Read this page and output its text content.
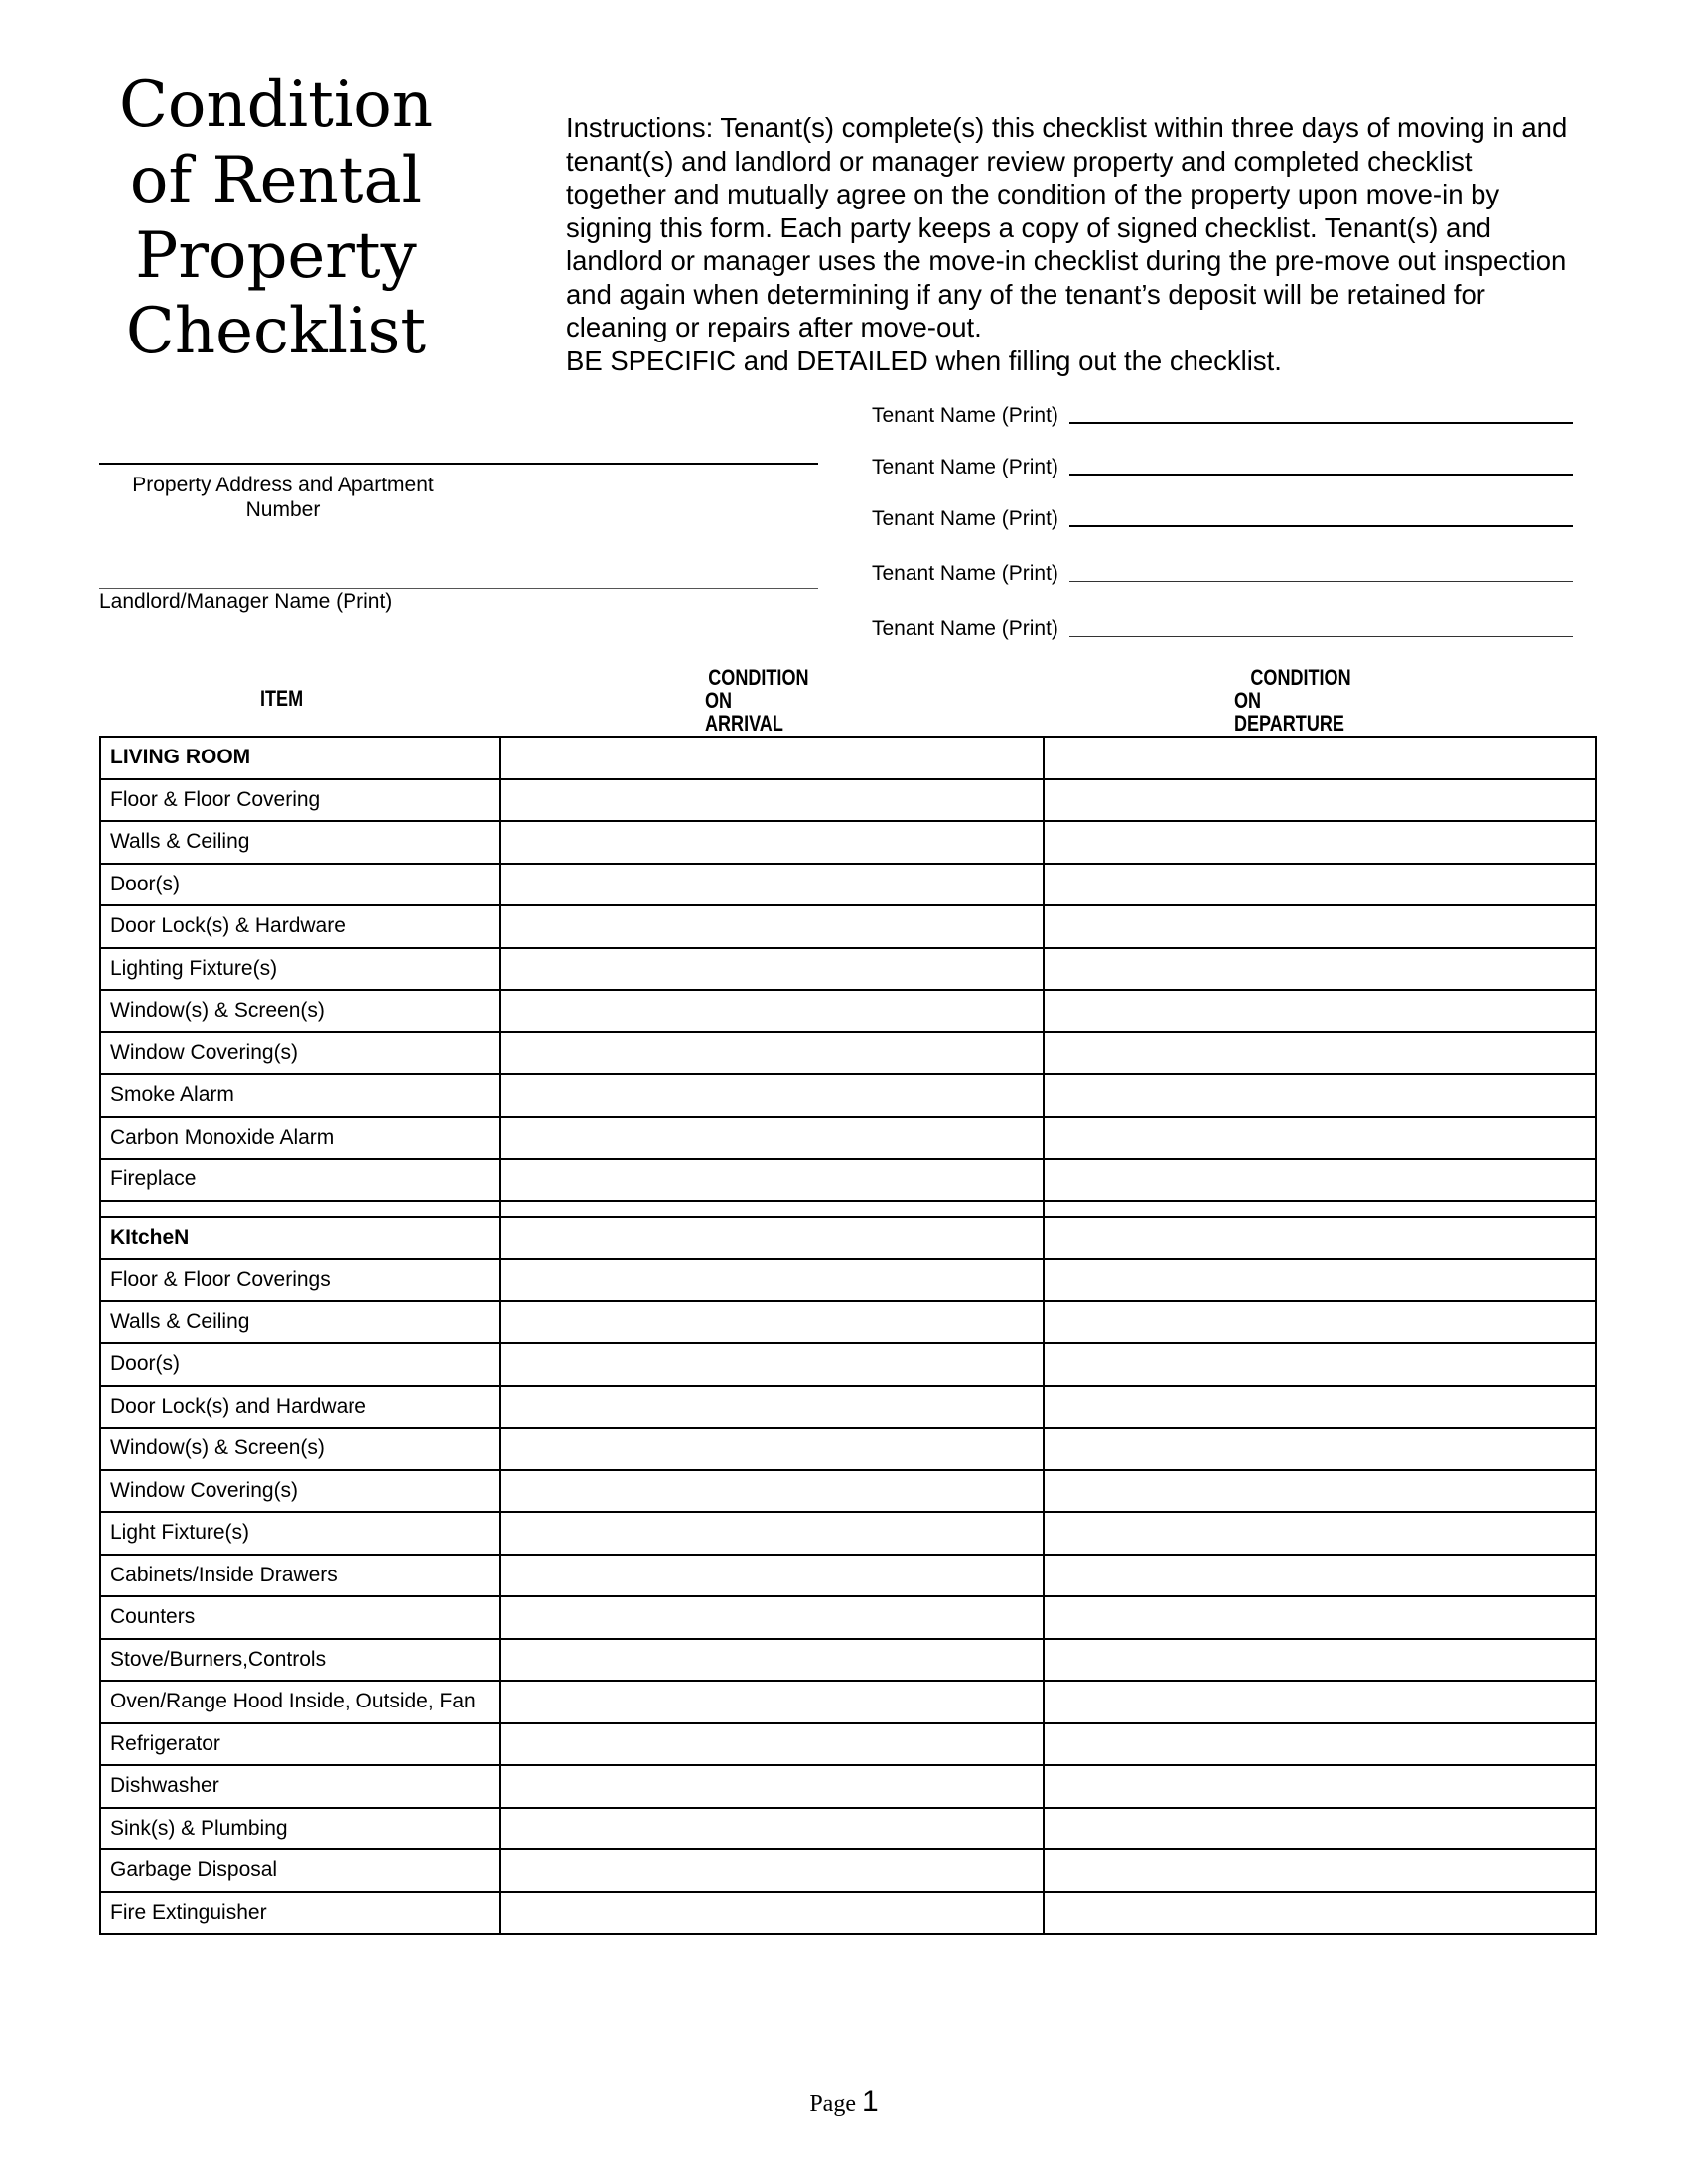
Condition
of Rental
Property
Checklist

Instructions: Tenant(s) complete(s) this checklist within three days of moving in and tenant(s) and landlord or manager review property and completed checklist together and mutually agree on the condition of the property upon move-in by signing this form. Each party keeps a copy of signed checklist. Tenant(s) and landlord or manager uses the move-in checklist during the pre-move out inspection and again when determining if any of the tenant’s deposit will be retained for cleaning or repairs after move-out.

BE SPECIFIC and DETAILED when filling out the checklist.

Tenant Name (Print)
Tenant Name (Print)
Tenant Name (Print)
Tenant Name (Print)
Tenant Name (Print)
Property Address and Apartment Number
Landlord/Manager Name (Print)
ITEM
CONDITION
ON
ARRIVAL
CONDITION
ON
DEPARTURE
LIVING ROOM		
Floor & Floor Covering		
Walls & Ceiling		
Door(s)		
Door Lock(s) & Hardware		
Lighting Fixture(s)		
Window(s) & Screen(s)		
Window Covering(s)		
Smoke Alarm		
Carbon Monoxide Alarm		
Fireplace		

KItcheN		
Floor & Floor Coverings		
Walls & Ceiling		
Door(s)		
Door Lock(s) and Hardware		
Window(s) & Screen(s)		
Window Covering(s)		
Light Fixture(s)		
Cabinets/Inside Drawers		
Counters		
Stove/Burners,Controls		
Oven/Range Hood Inside, Outside, Fan		
Refrigerator		
Dishwasher		
Sink(s) & Plumbing		
Garbage Disposal		
Fire Extinguisher		
Page 1
